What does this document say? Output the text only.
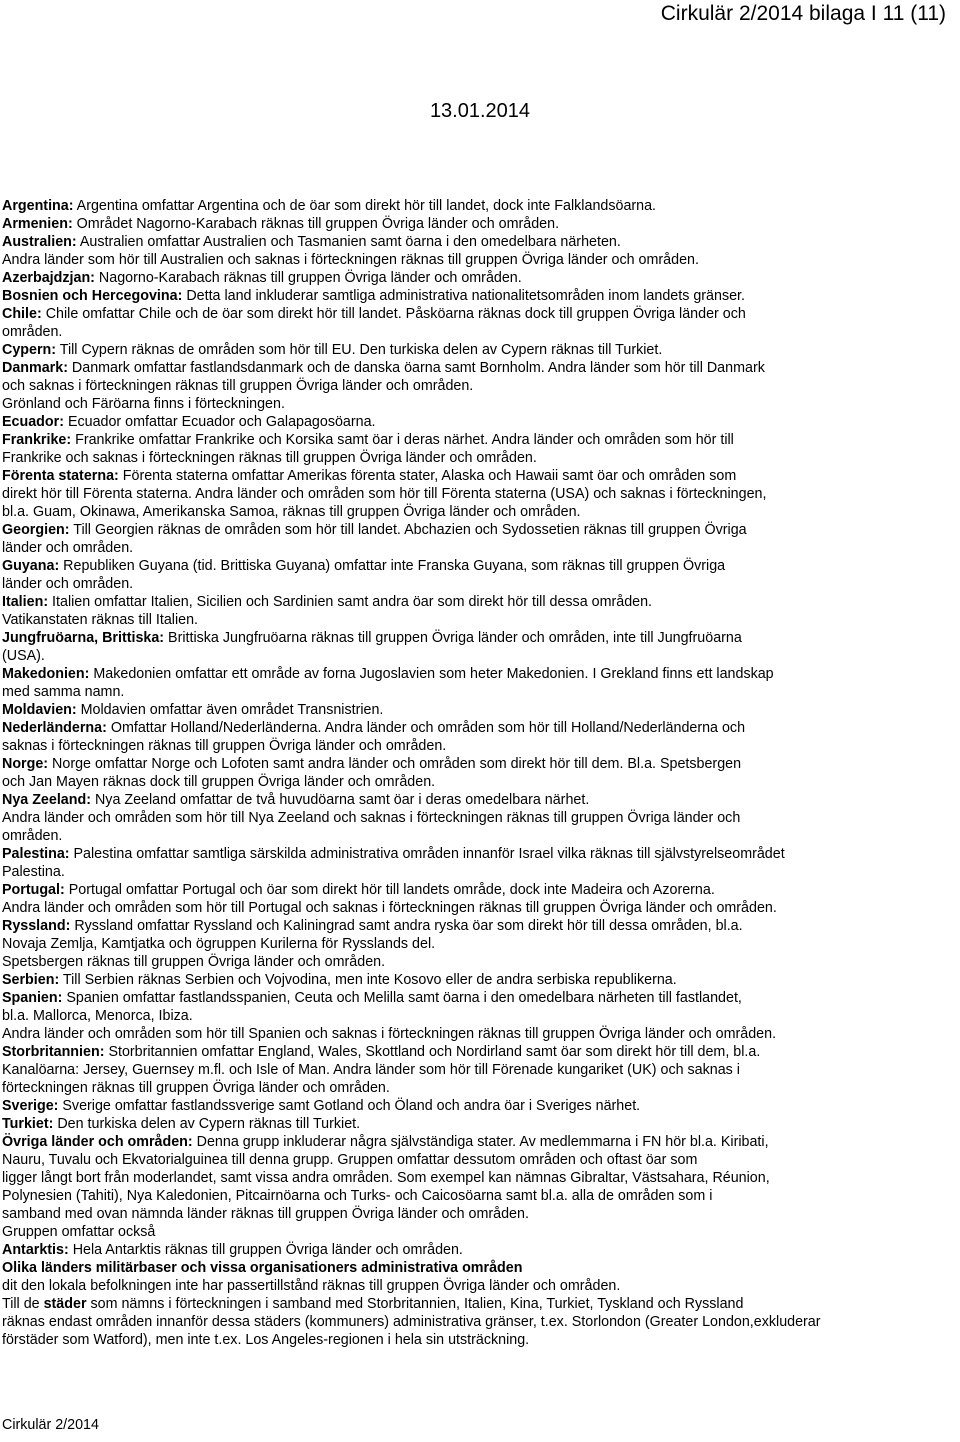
Cirkulär 2/2014 bilaga I 11 (11)
13.01.2014
Argentina: Argentina omfattar Argentina och de öar som direkt hör till landet, dock inte Falklandsöarna.
Armenien: Området Nagorno-Karabach räknas till gruppen Övriga länder och områden.
Australien: Australien omfattar Australien och Tasmanien samt öarna i den omedelbara närheten.
Andra länder som hör till Australien och saknas i förteckningen räknas till gruppen Övriga länder och områden.
Azerbajdzjan: Nagorno-Karabach räknas till gruppen Övriga länder och områden.
Bosnien och Hercegovina: Detta land inkluderar samtliga administrativa nationalitetsområden inom landets gränser.
Chile: Chile omfattar Chile och de öar som direkt hör till landet. Påsköarna räknas dock till gruppen Övriga länder och
områden.
Cypern: Till Cypern räknas de områden som hör till EU. Den turkiska delen av Cypern räknas till Turkiet.
Danmark: Danmark omfattar fastlandsdanmark och de danska öarna samt Bornholm. Andra länder som hör till Danmark
och saknas i förteckningen räknas till gruppen Övriga länder och områden.
Grönland och Färöarna finns i förteckningen.
Ecuador: Ecuador omfattar Ecuador och Galapagosöarna.
Frankrike: Frankrike omfattar Frankrike och Korsika samt öar i deras närhet. Andra länder och områden som hör till
Frankrike och saknas i förteckningen räknas till gruppen Övriga länder och områden.
Förenta staterna: Förenta staterna omfattar Amerikas förenta stater, Alaska och Hawaii samt öar och områden som
direkt hör till Förenta staterna. Andra länder och områden som hör till Förenta staterna (USA) och saknas i förteckningen,
bl.a. Guam, Okinawa, Amerikanska Samoa, räknas till gruppen Övriga länder och områden.
Georgien: Till Georgien räknas de områden som hör till landet. Abchazien och Sydossetien räknas till gruppen Övriga
länder och områden.
Guyana: Republiken Guyana (tid. Brittiska Guyana) omfattar inte Franska Guyana, som räknas till gruppen Övriga
länder och områden.
Italien: Italien omfattar Italien, Sicilien och Sardinien samt andra öar som direkt hör till dessa områden.
Vatikanstaten räknas till Italien.
Jungfruöarna, Brittiska: Brittiska Jungfruöarna räknas till gruppen Övriga länder och områden, inte till Jungfruöarna
(USA).
Makedonien: Makedonien omfattar ett område av forna Jugoslavien som heter Makedonien. I Grekland finns ett landskap
med samma namn.
Moldavien: Moldavien omfattar även området Transnistrien.
Nederländerna: Omfattar Holland/Nederländerna. Andra länder och områden som hör till Holland/Nederländerna och
saknas i förteckningen räknas till gruppen Övriga länder och områden.
Norge: Norge omfattar Norge och Lofoten samt andra länder och områden som direkt hör till dem. Bl.a. Spetsbergen
och Jan Mayen räknas dock till gruppen Övriga länder och områden.
Nya Zeeland: Nya Zeeland omfattar de två huvudöarna samt öar i deras omedelbara närhet.
Andra länder och områden som hör till Nya Zeeland och saknas i förteckningen räknas till gruppen Övriga länder och
områden.
Palestina: Palestina omfattar samtliga särskilda administrativa områden innanför Israel vilka räknas till självstyrelseområdet
Palestina.
Portugal: Portugal omfattar Portugal och öar som direkt hör till landets område, dock inte Madeira och Azorerna.
Andra länder och områden som hör till Portugal och saknas i förteckningen räknas till gruppen Övriga länder och områden.
Ryssland: Ryssland omfattar Ryssland och Kaliningrad samt andra ryska öar som direkt hör till dessa områden, bl.a.
Novaja Zemlja, Kamtjatka och ögruppen Kurilerna för Rysslands del.
Spetsbergen räknas till gruppen Övriga länder och områden.
Serbien: Till Serbien räknas Serbien och Vojvodina, men inte Kosovo eller de andra serbiska republikerna.
Spanien: Spanien omfattar fastlandsspanien, Ceuta och Melilla samt öarna i den omedelbara närheten till fastlandet,
bl.a. Mallorca, Menorca, Ibiza.
Andra länder och områden som hör till Spanien och saknas i förteckningen räknas till gruppen Övriga länder och områden.
Storbritannien: Storbritannien omfattar England, Wales, Skottland och Nordirland samt öar som direkt hör till dem, bl.a.
Kanalöarna: Jersey, Guernsey m.fl. och Isle of Man. Andra länder som hör till Förenade kungariket (UK) och saknas i
förteckningen räknas till gruppen Övriga länder och områden.
Sverige: Sverige omfattar fastlandssverige samt Gotland och Öland och andra öar i Sveriges närhet.
Turkiet: Den turkiska delen av Cypern räknas till Turkiet.
Övriga länder och områden: Denna grupp inkluderar några självständiga stater. Av medlemmarna i FN hör bl.a. Kiribati,
Nauru, Tuvalu och Ekvatorialguinea till denna grupp. Gruppen omfattar dessutom områden och oftast öar som
ligger långt bort från moderlandet, samt vissa andra områden. Som exempel kan nämnas Gibraltar, Västsahara, Réunion,
Polynesien (Tahiti), Nya Kaledonien, Pitcairnöarna och Turks- och Caicosöarna samt bl.a. alla de områden som i
samband med ovan nämnda länder räknas till gruppen Övriga länder och områden.
Gruppen omfattar också
Antarktis: Hela Antarktis räknas till gruppen Övriga länder och områden.
Olika länders militärbaser och vissa organisationers administrativa områden
dit den lokala befolkningen inte har passertillstånd räknas till gruppen Övriga länder och områden.
Till de städer som nämns i förteckningen i samband med Storbritannien, Italien, Kina, Turkiet, Tyskland och Ryssland
räknas endast områden innanför dessa städers (kommuners) administrativa gränser, t.ex. Storlondon (Greater London,exkluderar
förstäder som Watford), men inte t.ex. Los Angeles-regionen i hela sin utsträckning.
Cirkulär 2/2014
